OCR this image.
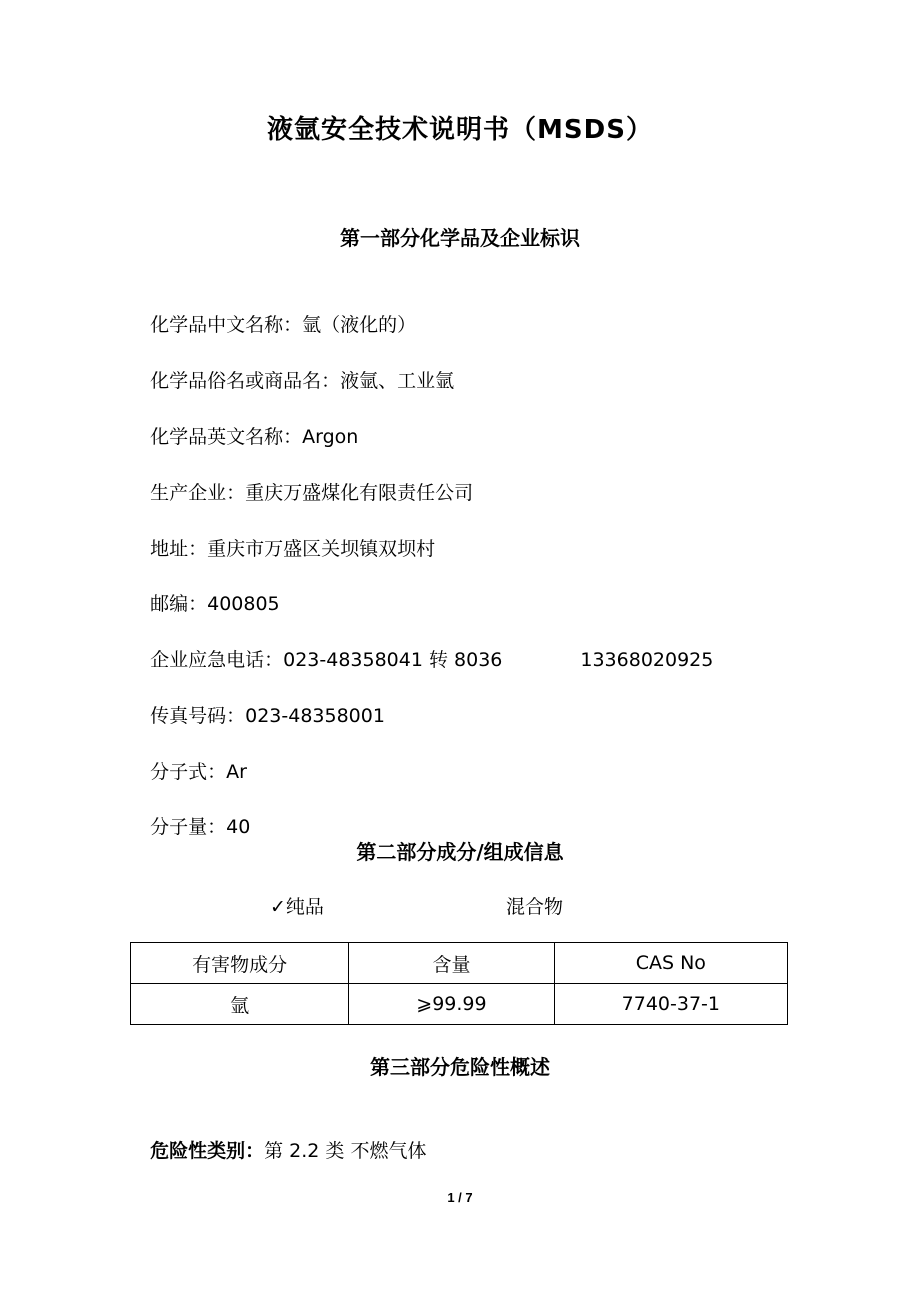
液氩安全技术说明书（MSDS）
第一部分化学品及企业标识

化学品中文名称：氩（液化的）

化学品俗名或商品名：液氩、工业氩

化学品英文名称：Argon

生产企业：重庆万盛煤化有限责任公司

地址：重庆市万盛区关坝镇双坝村

邮编：400805

企业应急电话：023-48358041 转 8036	13368020925

传真号码：023-48358001

分子式：Ar

分子量：40

第二部分成分/组成信息
✓纯品	混合物
有害物成分	含量	CAS No
氩	⩾99.99	7740-37-1
第三部分危险性概述

危险性类别：第 2.2 类 不燃气体

1 / 7
